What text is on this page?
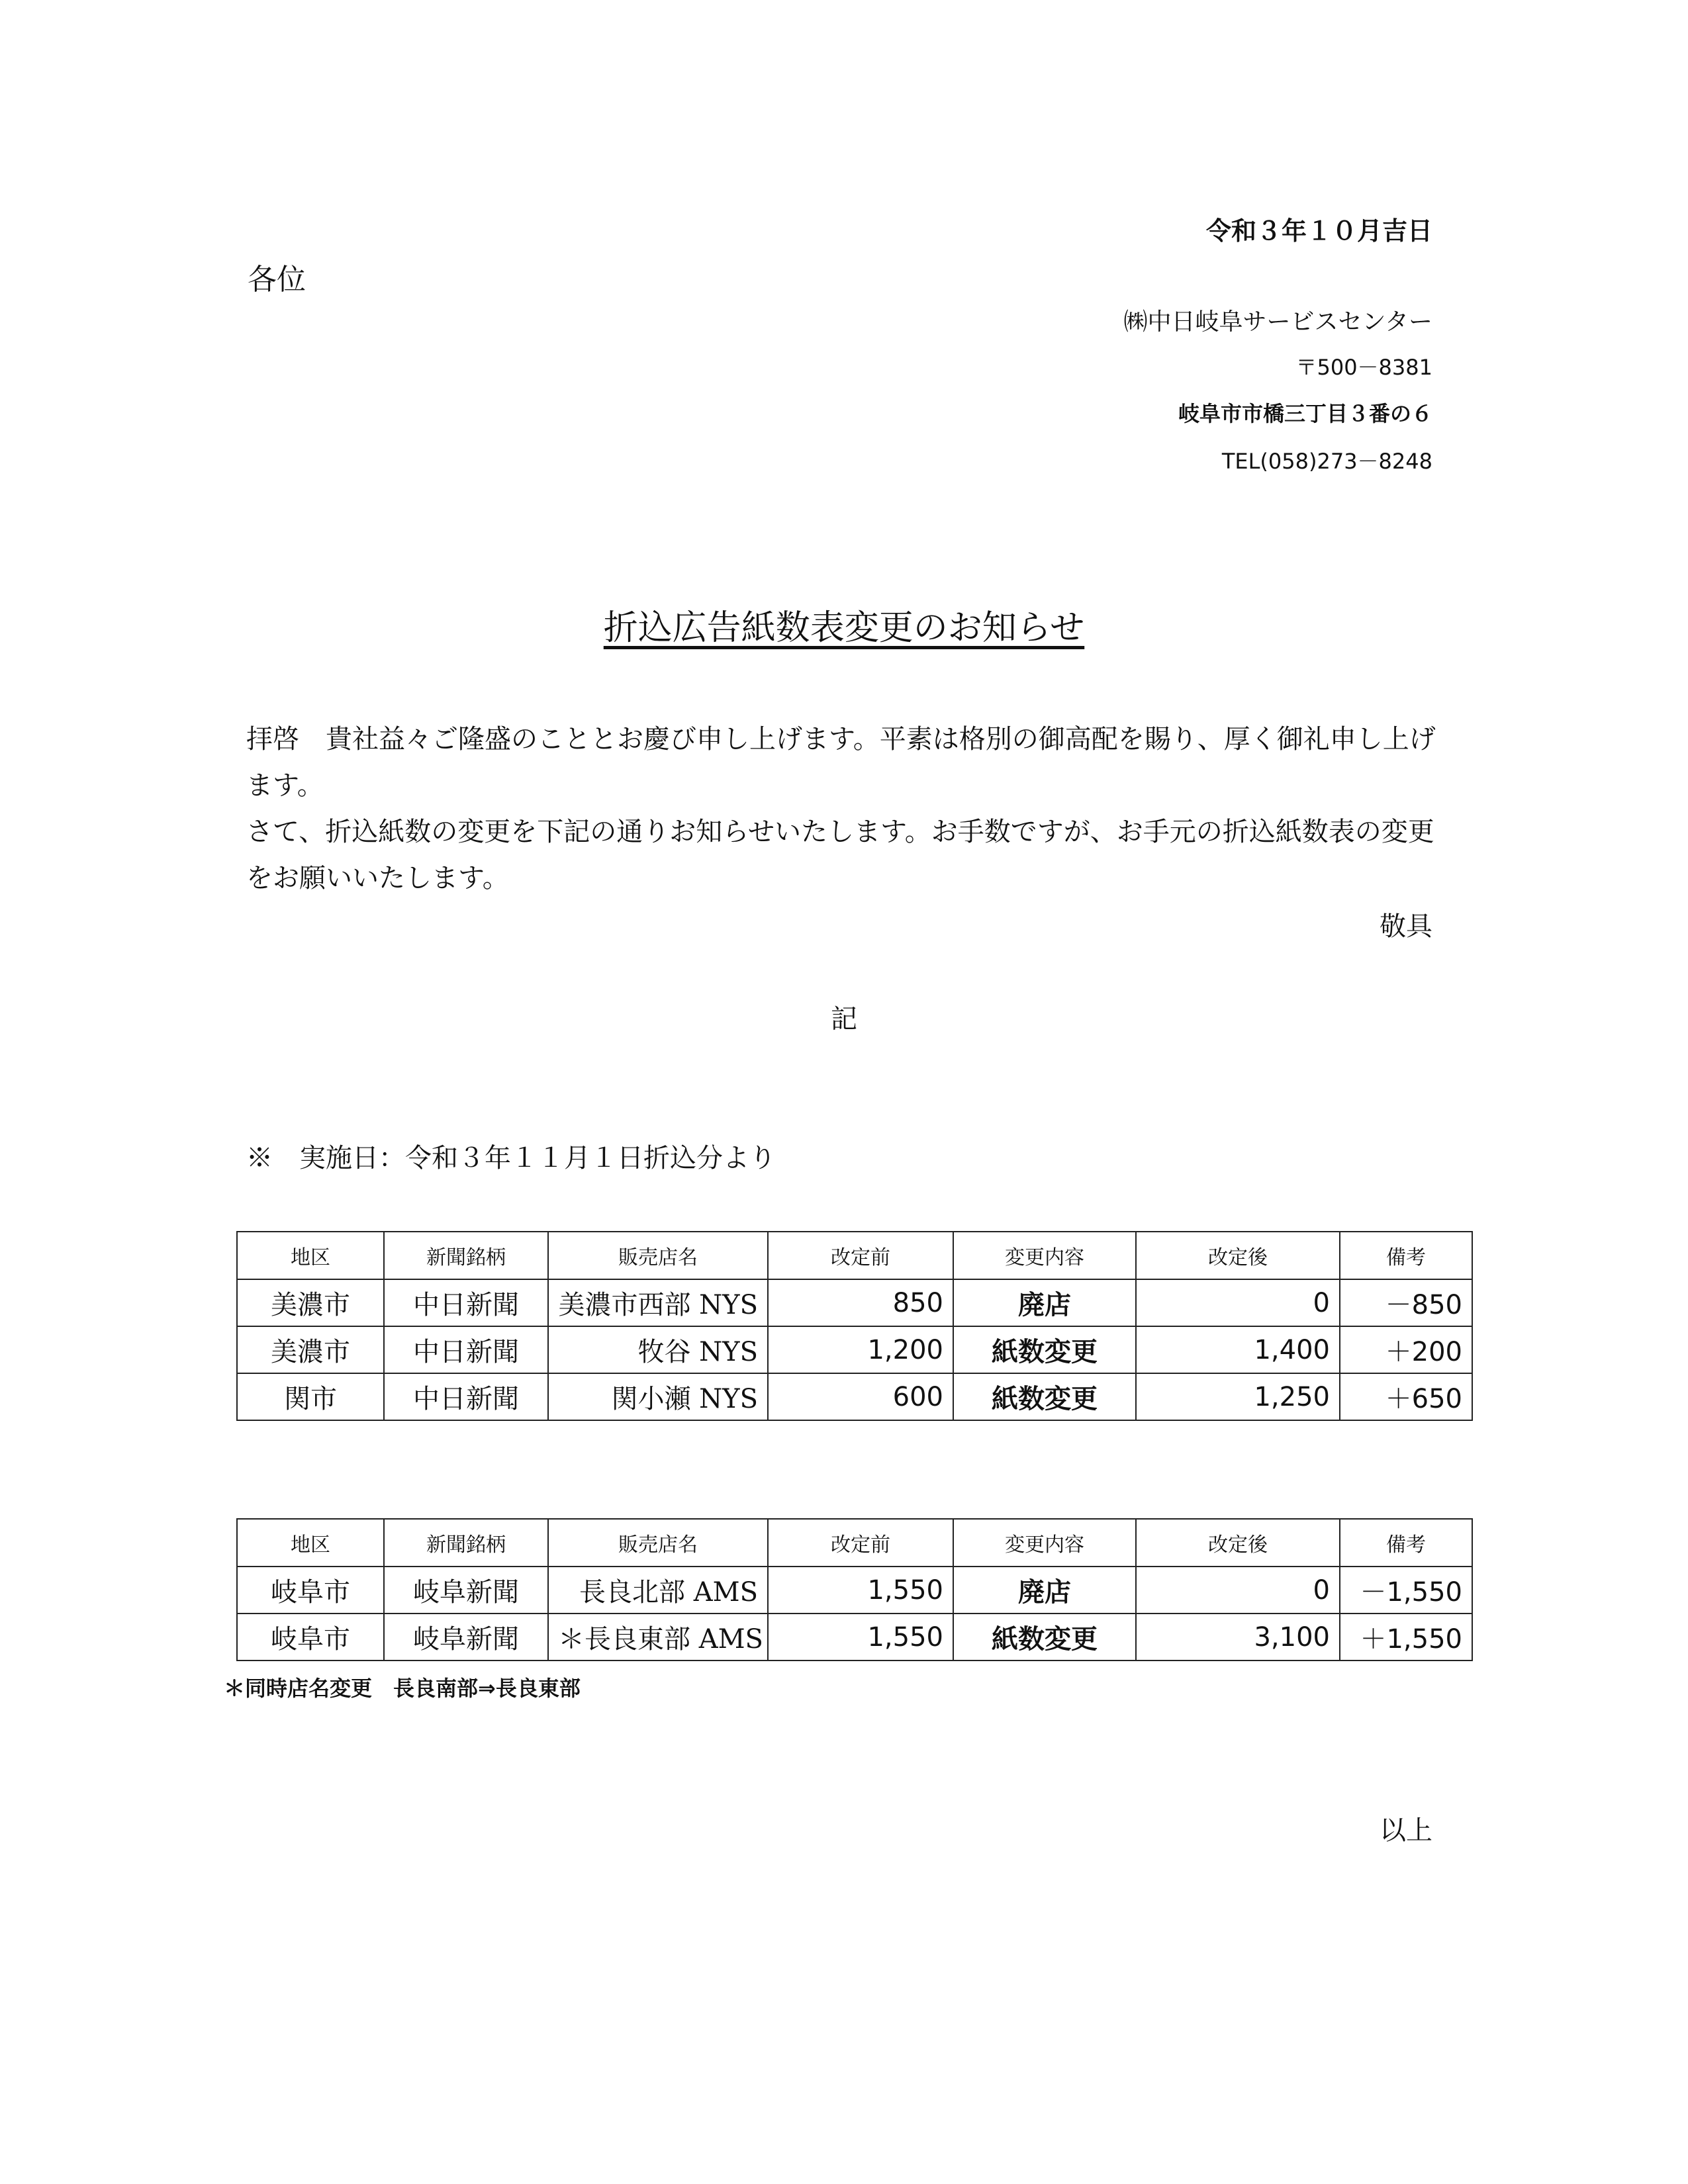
令和３年１０月吉日
各位
㈱中日岐阜サービスセンター
〒500－8381
岐阜市市橋三丁目３番の６
TEL(058)273－8248
折込広告紙数表変更のお知らせ
拝啓　貴社益々ご隆盛のこととお慶び申し上げます。平素は格別の御高配を賜り、厚く御礼申し上げます。
さて、折込紙数の変更を下記の通りお知らせいたします。お手数ですが、お手元の折込紙数表の変更をお願いいたします。
敬具
記
※　実施日：令和３年１１月１日折込分より
地区	新聞銘柄	販売店名	改定前	変更内容	改定後	備考
美濃市	中日新聞	美濃市西部 NYS	850	廃店	0	－850
美濃市	中日新聞	牧谷 NYS	1,200	紙数変更	1,400	＋200
関市	中日新聞	関小瀬 NYS	600	紙数変更	1,250	＋650
地区	新聞銘柄	販売店名	改定前	変更内容	改定後	備考
岐阜市	岐阜新聞	長良北部 AMS	1,550	廃店	0	－1,550
岐阜市	岐阜新聞	＊長良東部 AMS	1,550	紙数変更	3,100	＋1,550
＊同時店名変更　長良南部⇒長良東部
以上
